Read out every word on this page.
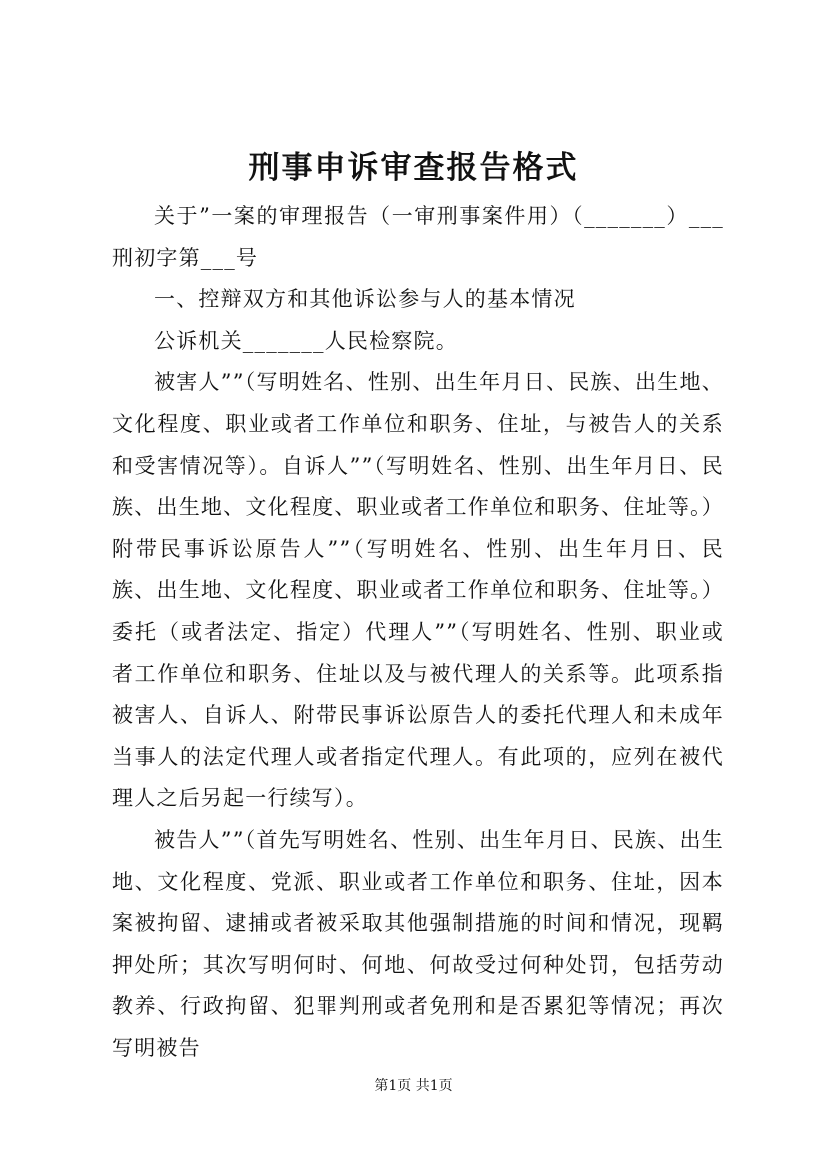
刑事申诉审查报告格式

关于”一案的审理报告（一审刑事案件用）（_______）___刑初字第___号

一、控辩双方和其他诉讼参与人的基本情况

公诉机关_______人民检察院。

被害人””（写明姓名、性别、出生年月日、民族、出生地、文化程度、职业或者工作单位和职务、住址，与被告人的关系和受害情况等）。自诉人””（写明姓名、性别、出生年月日、民族、出生地、文化程度、职业或者工作单位和职务、住址等。）附带民事诉讼原告人””（写明姓名、性别、出生年月日、民族、出生地、文化程度、职业或者工作单位和职务、住址等。）委托（或者法定、指定）代理人””（写明姓名、性别、职业或者工作单位和职务、住址以及与被代理人的关系等。此项系指被害人、自诉人、附带民事诉讼原告人的委托代理人和未成年当事人的法定代理人或者指定代理人。有此项的，应列在被代理人之后另起一行续写）。

被告人””（首先写明姓名、性别、出生年月日、民族、出生地、文化程度、党派、职业或者工作单位和职务、住址，因本案被拘留、逮捕或者被采取其他强制措施的时间和情况，现羁押处所；其次写明何时、何地、何故受过何种处罚，包括劳动教养、行政拘留、犯罪判刑或者免刑和是否累犯等情况；再次写明被告

第1页 共1页
